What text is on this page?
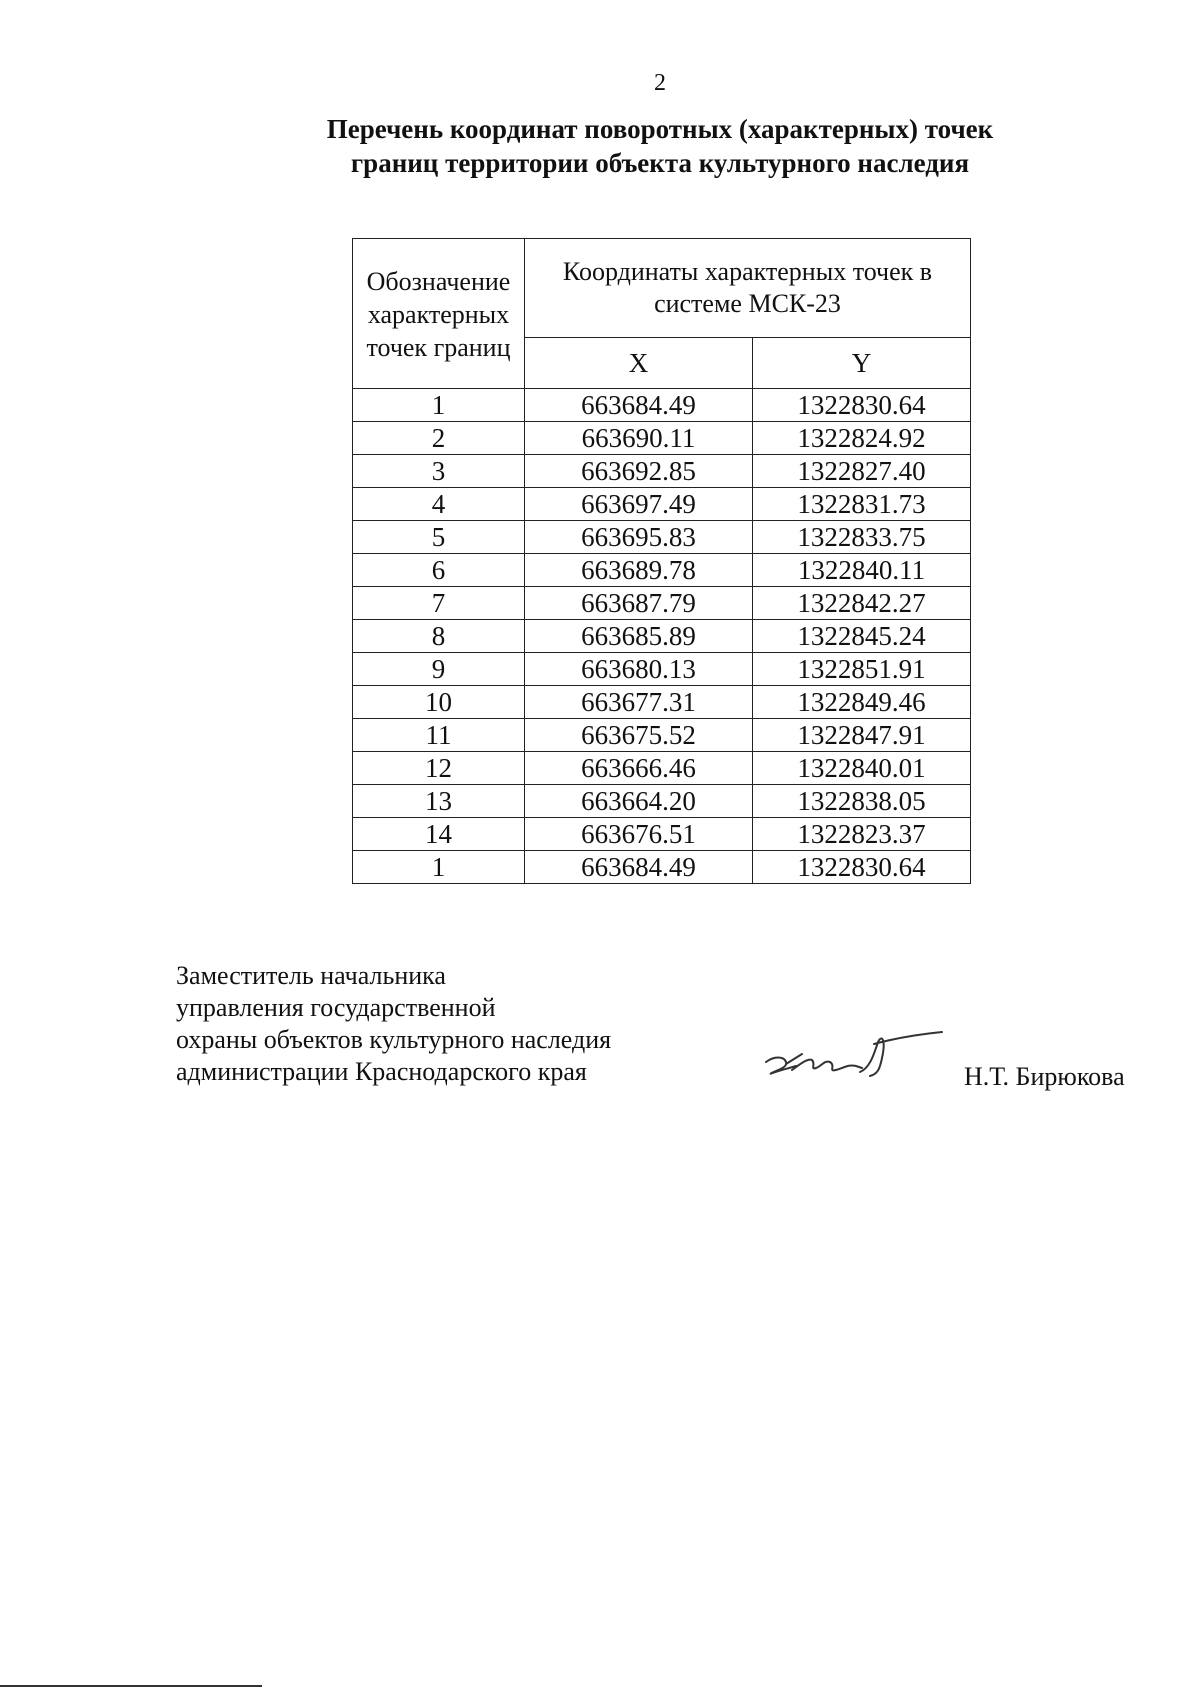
2
Перечень координат поворотных (характерных) точек
границ территории объекта культурного наследия
Обозначение характерных точек границ	Координаты характерных точек в системе МСК-23	

	X	Y
1	663684.49	1322830.64
2	663690.11	1322824.92
3	663692.85	1322827.40
4	663697.49	1322831.73
5	663695.83	1322833.75
6	663689.78	1322840.11
7	663687.79	1322842.27
8	663685.89	1322845.24
9	663680.13	1322851.91
10	663677.31	1322849.46
11	663675.52	1322847.91
12	663666.46	1322840.01
13	663664.20	1322838.05
14	663676.51	1322823.37
1	663684.49	1322830.64
Заместитель начальника
управления государственной
охраны объектов культурного наследия
администрации Краснодарского края	Н.Т. Бирюкова
